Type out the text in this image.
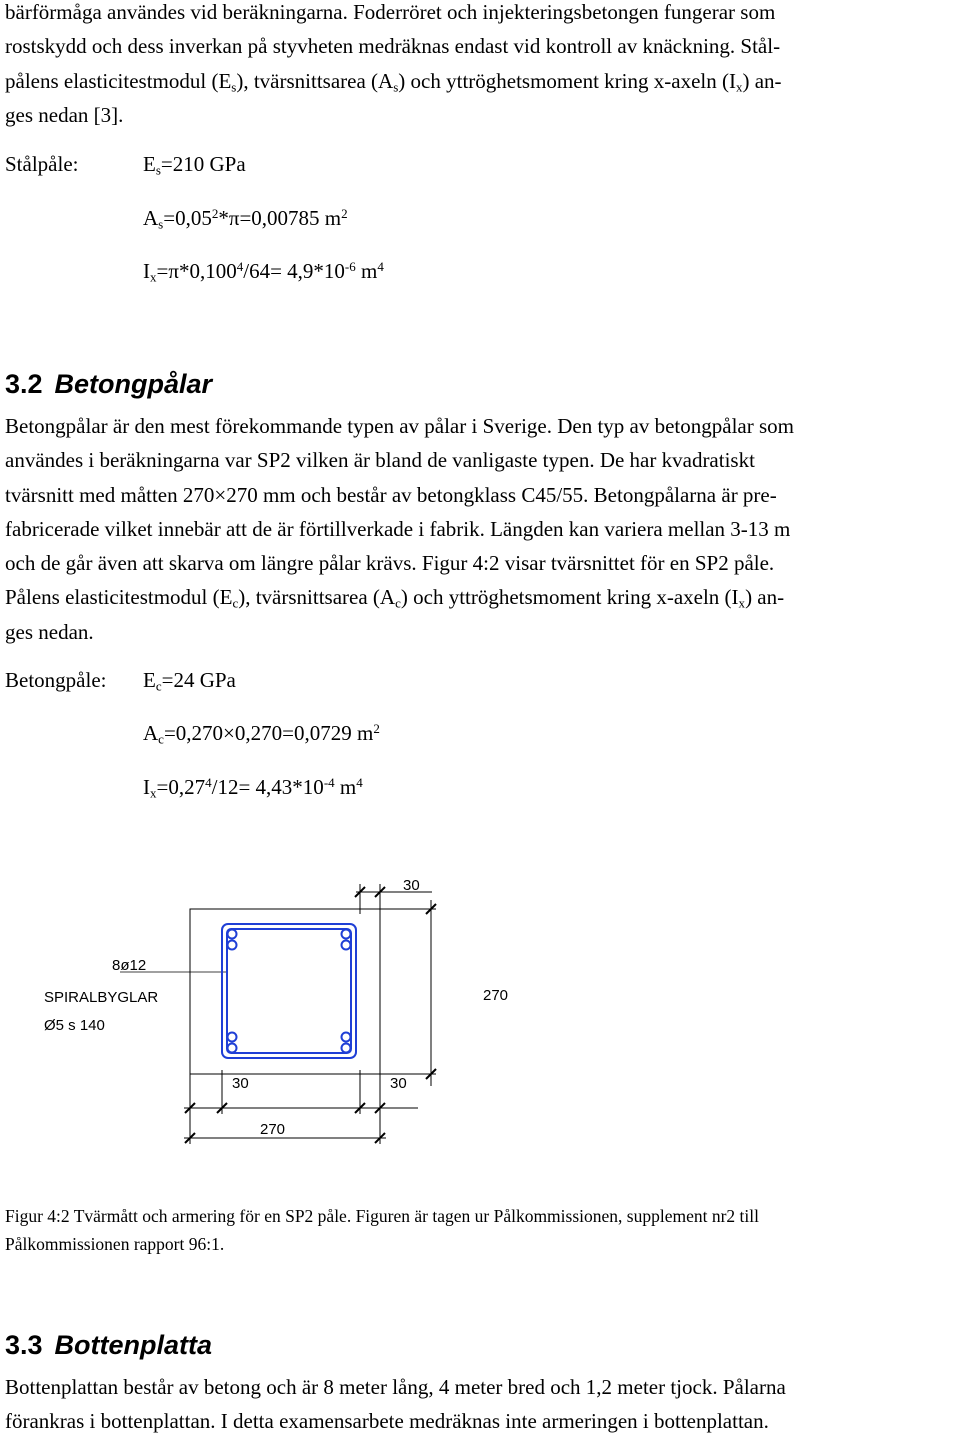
bärförmåga användes vid beräkningarna. Foderröret och injekteringsbetongen fungerar som
rostskydd och dess inverkan på styvheten medräknas endast vid kontroll av knäckning. Stål-
pålens elasticitestmodul $(E_s)$, tvärsnittsarea $(A_s)$ och yttröghetsmoment kring x-axeln $(I_x)$ an-
ges nedan [3].
Stålpåle:	$E_s=210$ GPa
$A_s=0,05^2*\pi=0,00785$ $m^2$
$I_x=\pi*0,100^4/64= 4,9*10^{-6}$ $m^4$
3.2 Betongpålar
Betongpålar är den mest förekommande typen av pålar i Sverige. Den typ av betongpålar som
användes i beräkningarna var SP2 vilken är bland de vanligaste typen. De har kvadratiskt
tvärsnitt med måtten 270×270 mm och består av betongklass C45/55. Betongpålarna är pre-
fabricerade vilket innebär att de är förtillverkade i fabrik. Längden kan variera mellan 3-13 m
och de går även att skarva om längre pålar krävs. Figur 4:2 visar tvärsnittet för en SP2 påle.
Pålens elasticitestmodul $(E_c)$, tvärsnittsarea $(A_c)$ och yttröghetsmoment kring x-axeln $(I_x)$ an-
ges nedan.
Betongpåle: $E_c=24$ GPa
$A_c=0,270\times 0,270=0,0729$ $m^2$
$I_x=0,27^4/12= 4,43*10^{-4}$ $m^4$
8ø12
SPIRALBYGLAR
Ø5 s 140
30
270
30	30
270
Figur 4:2 Tvärmått och armering för en SP2 påle. Figuren är tagen ur Pålkommissionen, supplement nr2 till
Pålkommissionen rapport 96:1.
3.3 Bottenplatta
Bottenplattan består av betong och är 8 meter lång, 4 meter bred och 1,2 meter tjock. Pålarna
förankras i bottenplattan. I detta examensarbete medräknas inte armeringen i bottenplattan.
